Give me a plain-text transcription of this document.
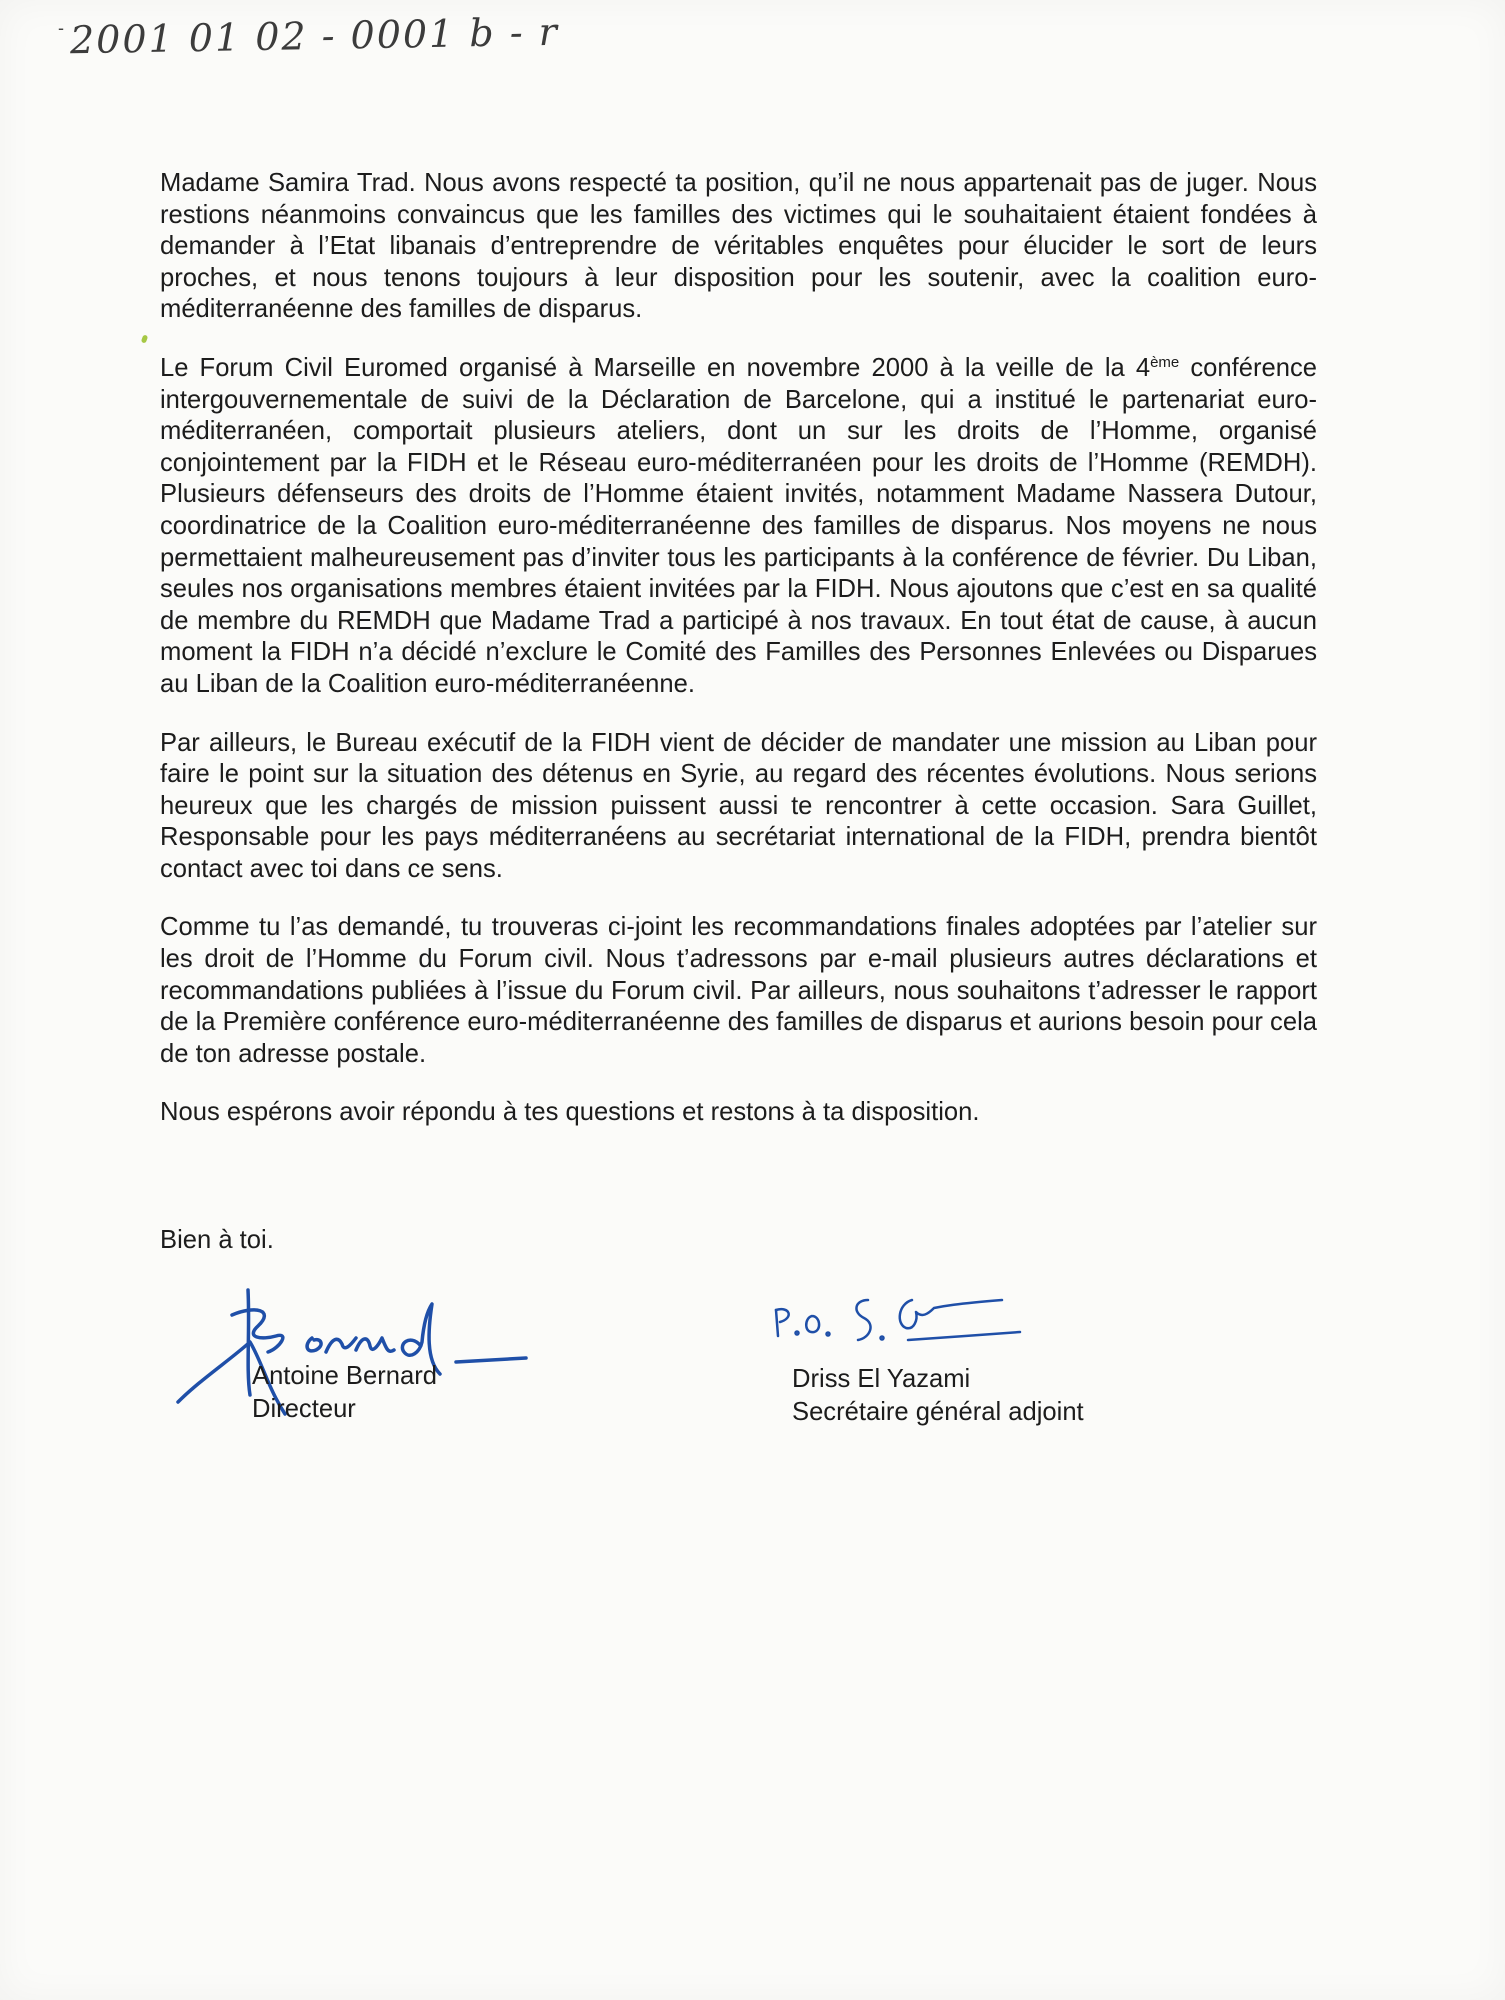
- 2001 01 02 - 0001 b - r

Madame Samira Trad. Nous avons respecté ta position, qu’il ne nous appartenait pas de juger. Nous restions néanmoins convaincus que les familles des victimes qui le souhaitaient étaient fondées à demander à l’Etat libanais d’entreprendre de véritables enquêtes pour élucider le sort de leurs proches, et nous tenons toujours à leur disposition pour les soutenir, avec la coalition euro-méditerranéenne des familles de disparus.

Le Forum Civil Euromed organisé à Marseille en novembre 2000 à la veille de la 4ème conférence intergouvernementale de suivi de la Déclaration de Barcelone, qui a institué le partenariat euro-méditerranéen, comportait plusieurs ateliers, dont un sur les droits de l’Homme, organisé conjointement par la FIDH et le Réseau euro-méditerranéen pour les droits de l’Homme (REMDH). Plusieurs défenseurs des droits de l’Homme étaient invités, notamment Madame Nassera Dutour, coordinatrice de la Coalition euro-méditerranéenne des familles de disparus. Nos moyens ne nous permettaient malheureusement pas d’inviter tous les participants à la conférence de février. Du Liban, seules nos organisations membres étaient invitées par la FIDH. Nous ajoutons que c’est en sa qualité de membre du REMDH que Madame Trad a participé à nos travaux. En tout état de cause, à aucun moment la FIDH n’a décidé n’exclure le Comité des Familles des Personnes Enlevées ou Disparues au Liban de la Coalition euro-méditerranéenne.

Par ailleurs, le Bureau exécutif de la FIDH vient de décider de mandater une mission au Liban pour faire le point sur la situation des détenus en Syrie, au regard des récentes évolutions. Nous serions heureux que les chargés de mission puissent aussi te rencontrer à cette occasion. Sara Guillet, Responsable pour les pays méditerranéens au secrétariat international de la FIDH, prendra bientôt contact avec toi dans ce sens.

Comme tu l’as demandé, tu trouveras ci-joint les recommandations finales adoptées par l’atelier sur les droit de l’Homme du Forum civil. Nous t’adressons par e-mail plusieurs autres déclarations et recommandations publiées à l’issue du Forum civil. Par ailleurs, nous souhaitons t’adresser le rapport de la Première conférence euro-méditerranéenne des familles de disparus et aurions besoin pour cela de ton adresse postale.

Nous espérons avoir répondu à tes questions et restons à ta disposition.

Bien à toi.
Antoine Bernard
Directeur
Driss El Yazami
Secrétaire général adjoint
